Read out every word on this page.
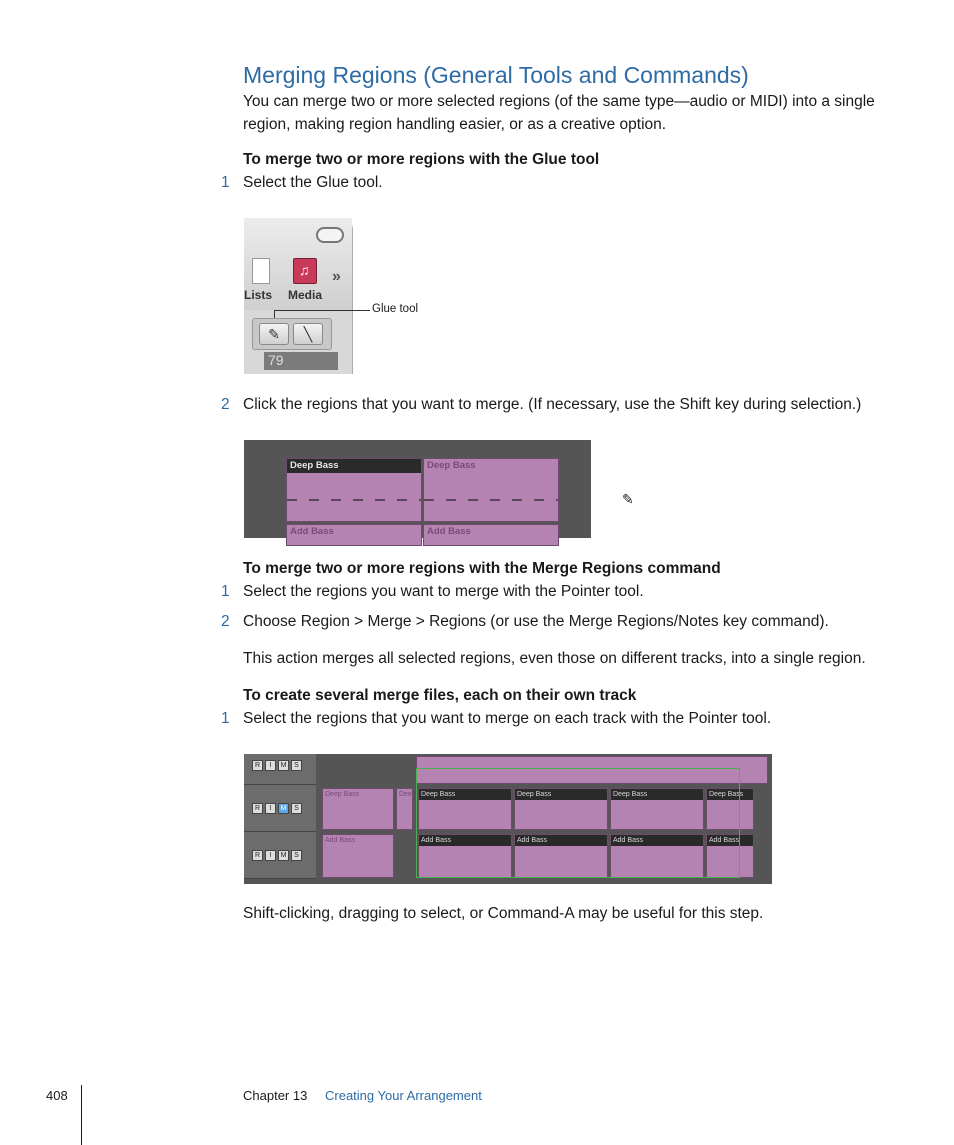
Merging Regions (General Tools and Commands)
You can merge two or more selected regions (of the same type—audio or MIDI) into a single region, making region handling easier, or as a creative option.
To merge two or more regions with the Glue tool
1 Select the Glue tool.
♫ »
Lists Media
✎	╲
79
Glue tool
2 Click the regions that you want to merge. (If necessary, use the Shift key during selection.)
Deep Bass	Deep Bass
✎
Add Bass	Add Bass
To merge two or more regions with the Merge Regions command
1 Select the regions you want to merge with the Pointer tool.
2 Choose Region > Merge > Regions (or use the Merge Regions/Notes key command).
This action merges all selected regions, even those on different tracks, into a single region.
To create several merge files, each on their own track
1 Select the regions that you want to merge on each track with the Pointer tool.
R I M S
R I M S
R I M S
Deep Bass	Dee Deep Bass	Deep Bass	Deep Bass	Deep Bass
Add Bass	Add Bass	Add Bass	Add Bass	Add Bass
Shift-clicking, dragging to select, or Command-A may be useful for this step.
408	Chapter 13 Creating Your Arrangement
